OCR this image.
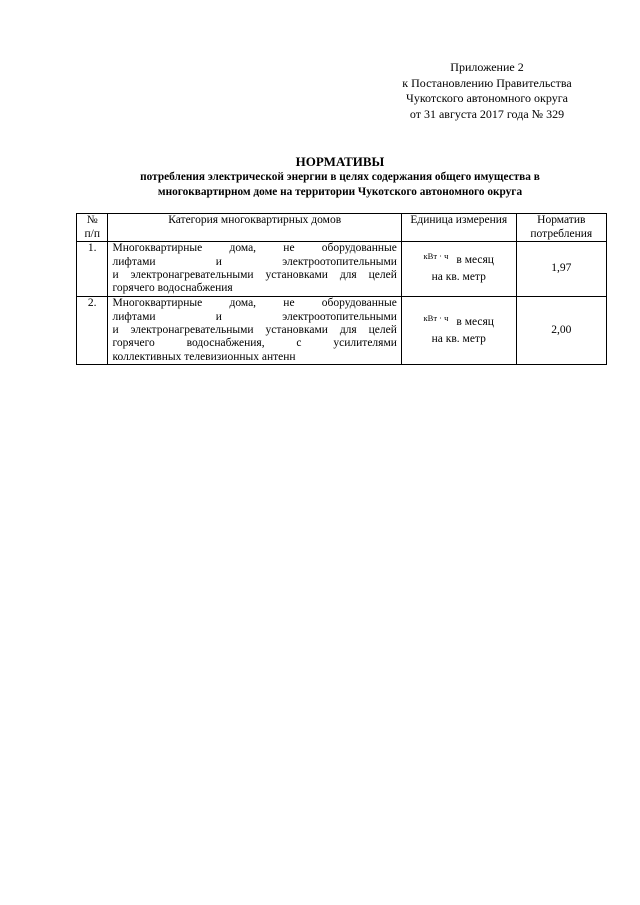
Приложение 2
к Постановлению Правительства
Чукотского автономного округа
от 31 августа 2017 года № 329
НОРМАТИВЫ
потребления электрической энергии в целях содержания общего имущества в
многоквартирном доме на территории Чукотского автономного округа
№ п/п	Категория многоквартирных домов	Единица измерения	Норматив потребления
1.	Многоквартирные дома, не оборудованные
лифтами и электроотопительными
и электронагревательными установками для целей
горячего водоснабжения	$^{кВт \cdot ч}$ в месяц
на кв. метр	1,97
2.	Многоквартирные дома, не оборудованные
лифтами и электроотопительными
и электронагревательными установками для целей
горячего водоснабжения, с усилителями
коллективных телевизионных антенн	$^{кВт \cdot ч}$ в месяц
на кв. метр	2,00
